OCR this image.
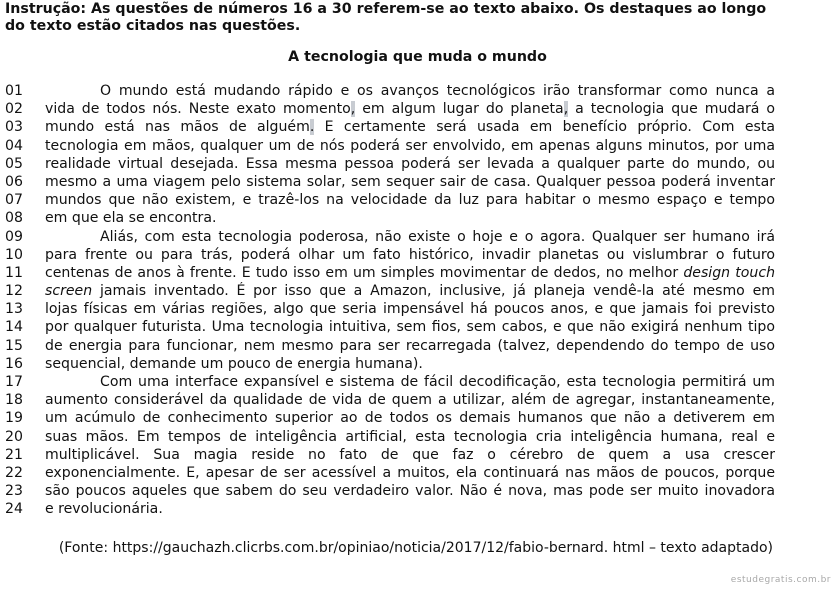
Instrução: As questões de números 16 a 30 referem-se ao texto abaixo. Os destaques ao longo do texto estão citados nas questões.

A tecnologia que muda o mundo

01	O mundo está mudando rápido e os avanços tecnológicos irão transformar como nunca a
02	vida de todos nós. Neste exato momento, em algum lugar do planeta, a tecnologia que mudará o
03	mundo está nas mãos de alguém. E certamente será usada em benefício próprio. Com esta
04	tecnologia em mãos, qualquer um de nós poderá ser envolvido, em apenas alguns minutos, por uma
05	realidade virtual desejada. Essa mesma pessoa poderá ser levada a qualquer parte do mundo, ou
06	mesmo a uma viagem pelo sistema solar, sem sequer sair de casa. Qualquer pessoa poderá inventar
07	mundos que não existem, e trazê-los na velocidade da luz para habitar o mesmo espaço e tempo
08	em que ela se encontra.
09	Aliás, com esta tecnologia poderosa, não existe o hoje e o agora. Qualquer ser humano irá
10	para frente ou para trás, poderá olhar um fato histórico, invadir planetas ou vislumbrar o futuro
11	centenas de anos à frente. E tudo isso em um simples movimentar de dedos, no melhor design touch
12	screen jamais inventado. É por isso que a Amazon, inclusive, já planeja vendê-la até mesmo em
13	lojas físicas em várias regiões, algo que seria impensável há poucos anos, e que jamais foi previsto
14	por qualquer futurista. Uma tecnologia intuitiva, sem fios, sem cabos, e que não exigirá nenhum tipo
15	de energia para funcionar, nem mesmo para ser recarregada (talvez, dependendo do tempo de uso
16	sequencial, demande um pouco de energia humana).
17	Com uma interface expansível e sistema de fácil decodificação, esta tecnologia permitirá um
18	aumento considerável da qualidade de vida de quem a utilizar, além de agregar, instantaneamente,
19	um acúmulo de conhecimento superior ao de todos os demais humanos que não a detiverem em
20	suas mãos. Em tempos de inteligência artificial, esta tecnologia cria inteligência humana, real e
21	multiplicável. Sua magia reside no fato de que faz o cérebro de quem a usa crescer
22	exponencialmente. E, apesar de ser acessível a muitos, ela continuará nas mãos de poucos, porque
23	são poucos aqueles que sabem do seu verdadeiro valor. Não é nova, mas pode ser muito inovadora
24	e revolucionária.
(Fonte: https://gauchazh.clicrbs.com.br/opiniao/noticia/2017/12/fabio-bernard. html – texto adaptado)
estudegratis.com.br
